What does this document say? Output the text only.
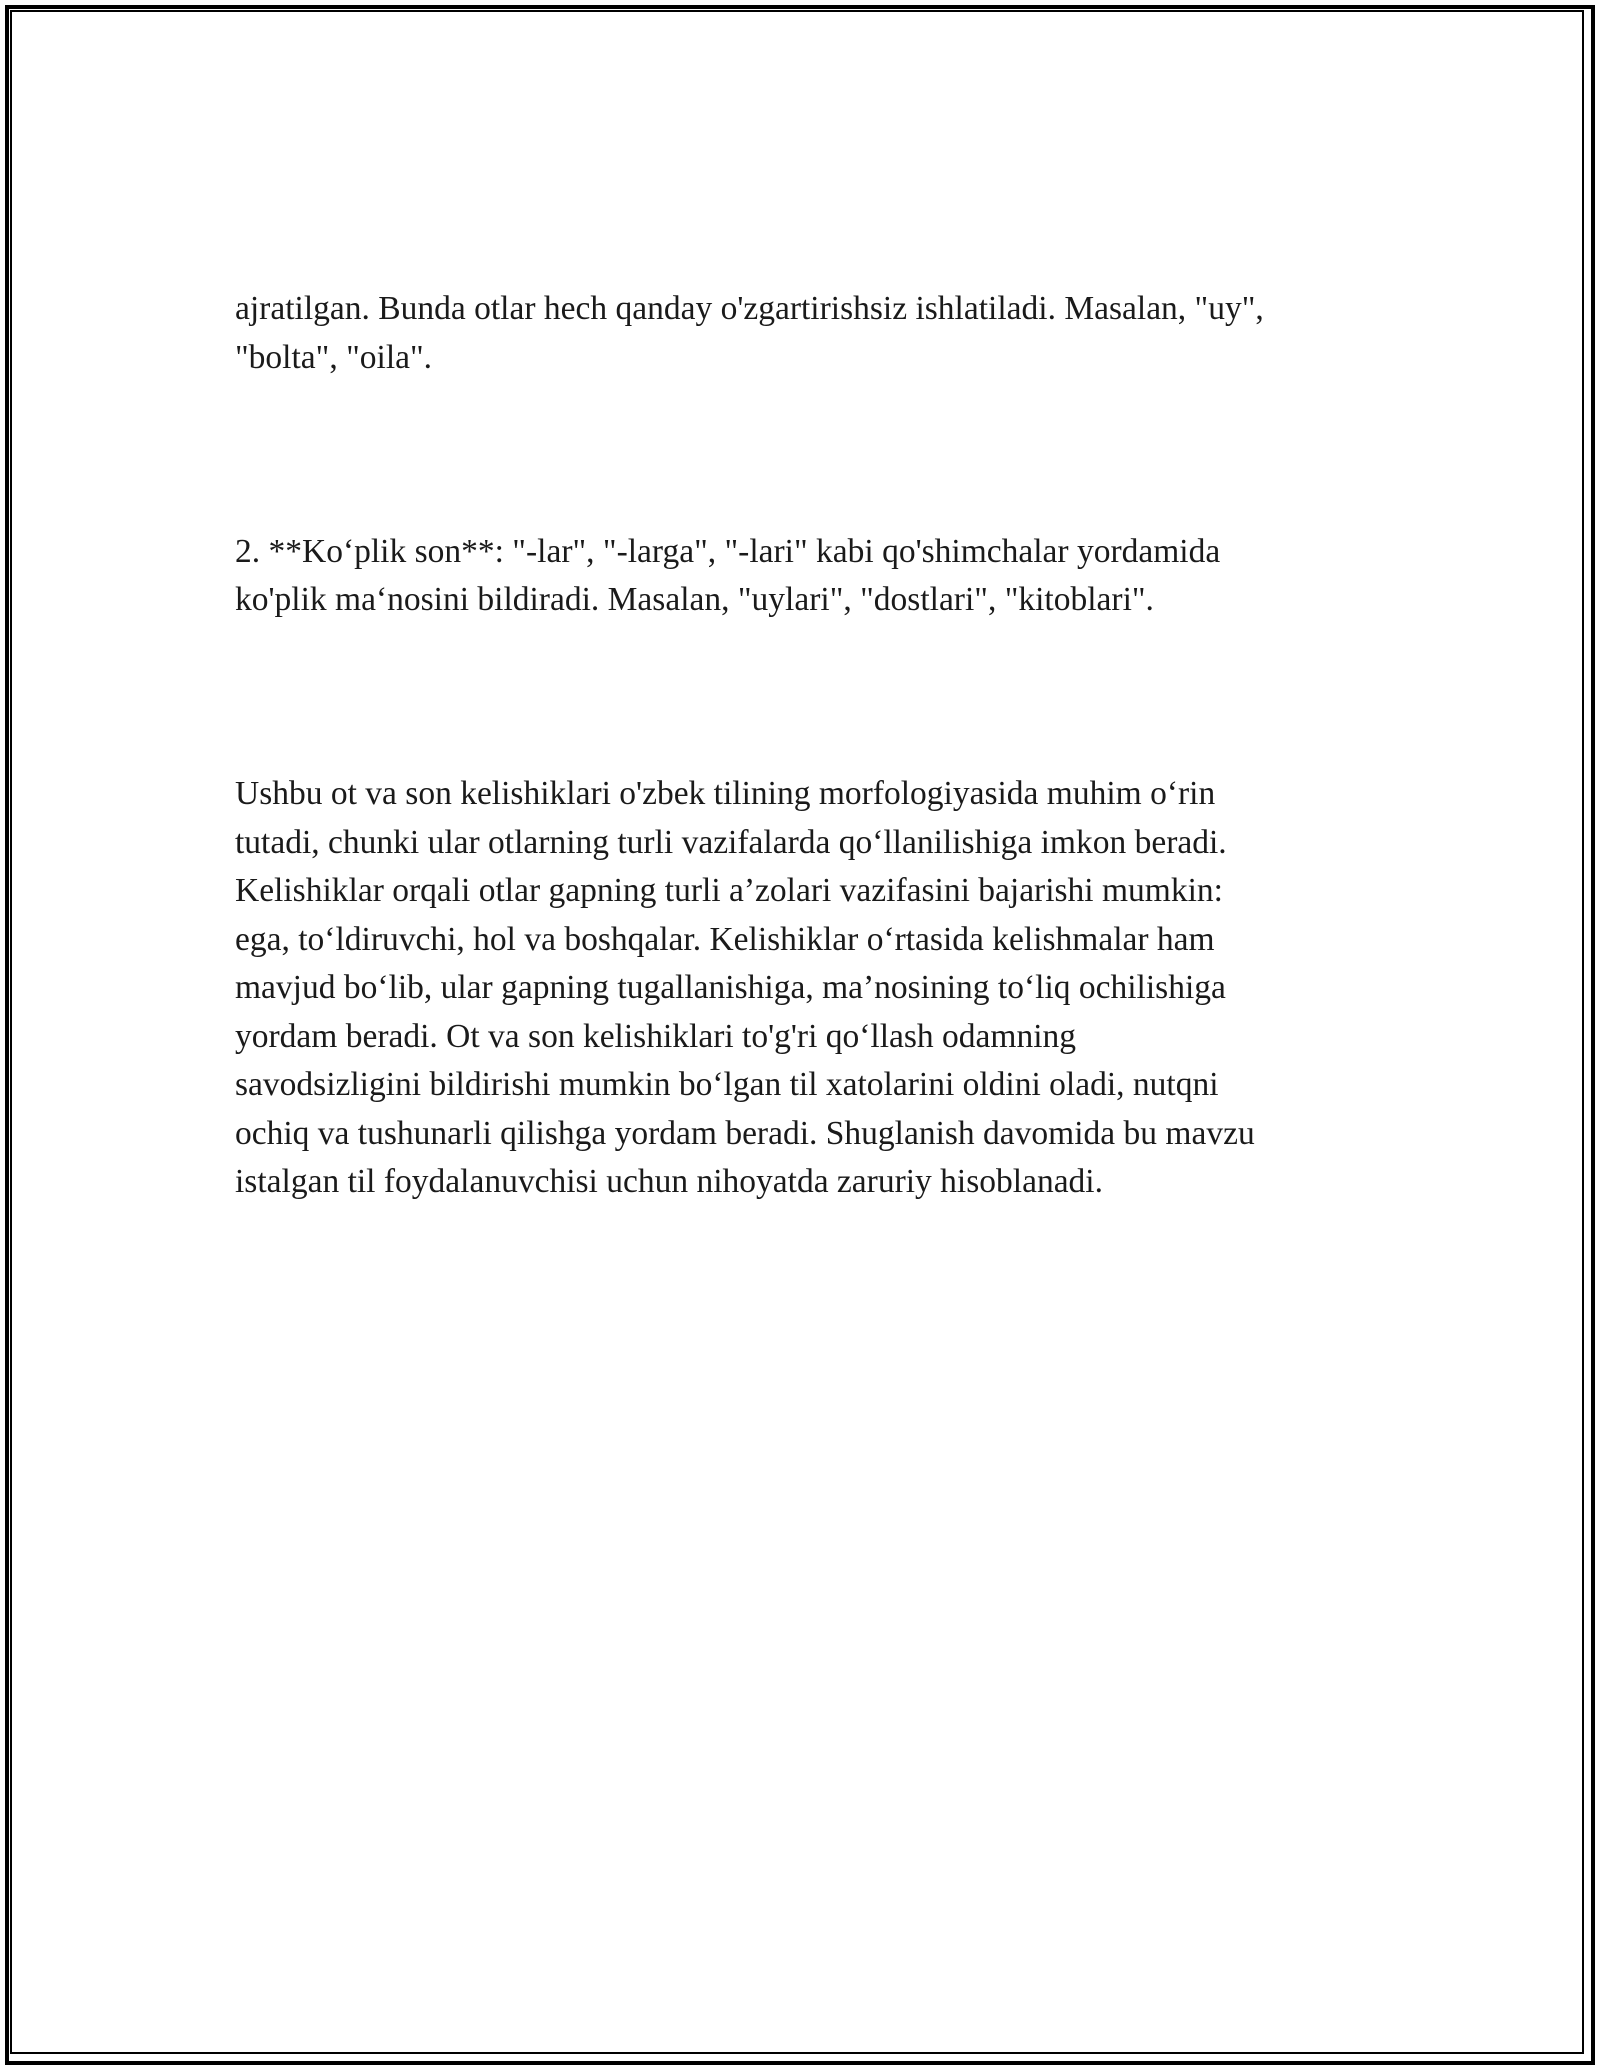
ajratilgan. Bunda otlar hech qanday o'zgartirishsiz ishlatiladi. Masalan, "uy",
"bolta", "oila".

2. **Ko‘plik son**: "-lar", "-larga", "-lari" kabi qo'shimchalar yordamida
ko'plik ma‘nosini bildiradi. Masalan, "uylari", "dostlari", "kitoblari".

Ushbu ot va son kelishiklari o'zbek tilining morfologiyasida muhim o‘rin
tutadi, chunki ular otlarning turli vazifalarda qo‘llanilishiga imkon beradi.
Kelishiklar orqali otlar gapning turli a’zolari vazifasini bajarishi mumkin:
ega, to‘ldiruvchi, hol va boshqalar. Kelishiklar o‘rtasida kelishmalar ham
mavjud bo‘lib, ular gapning tugallanishiga, ma’nosining to‘liq ochilishiga
yordam beradi. Ot va son kelishiklari to'g'ri qo‘llash odamning
savodsizligini bildirishi mumkin bo‘lgan til xatolarini oldini oladi, nutqni
ochiq va tushunarli qilishga yordam beradi. Shuglanish davomida bu mavzu
istalgan til foydalanuvchisi uchun nihoyatda zaruriy hisoblanadi.
